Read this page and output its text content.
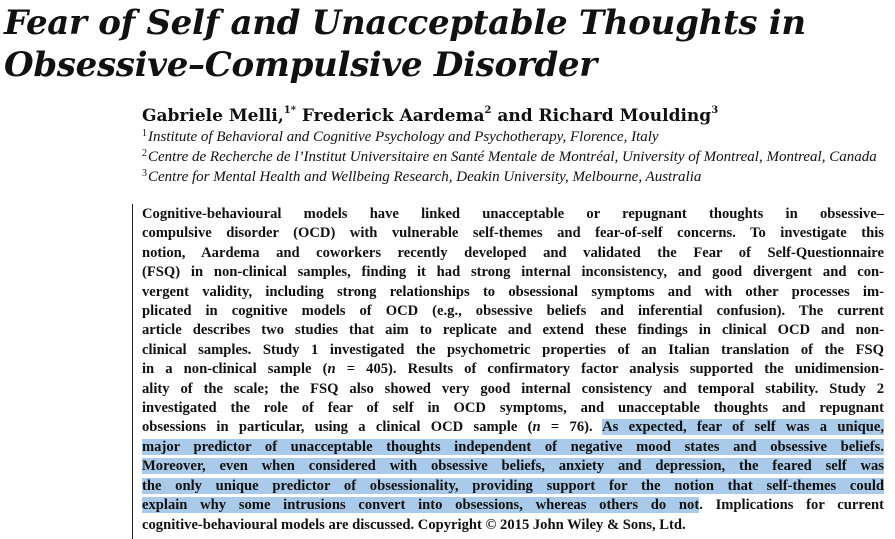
Fear of Self and Unacceptable Thoughts in
Obsessive–Compulsive Disorder
Gabriele Melli,$^{1*}$ Frederick Aardema$^2$ and Richard Moulding$^3$
$^1$Institute of Behavioral and Cognitive Psychology and Psychotherapy, Florence, Italy
$^2$Centre de Recherche de l’Institut Universitaire en Santé Mentale de Montréal, University of Montreal, Montreal, Canada
$^3$Centre for Mental Health and Wellbeing Research, Deakin University, Melbourne, Australia
Cognitive-behavioural models have linked unacceptable or repugnant thoughts in obsessive–
compulsive disorder (OCD) with vulnerable self-themes and fear-of-self concerns. To investigate this
notion, Aardema and coworkers recently developed and validated the Fear of Self-Questionnaire
(FSQ) in non-clinical samples, finding it had strong internal inconsistency, and good divergent and con-
vergent validity, including strong relationships to obsessional symptoms and with other processes im-
plicated in cognitive models of OCD (e.g., obsessive beliefs and inferential confusion). The current
article describes two studies that aim to replicate and extend these findings in clinical OCD and non-
clinical samples. Study 1 investigated the psychometric properties of an Italian translation of the FSQ
in a non-clinical sample (n = 405). Results of confirmatory factor analysis supported the unidimension-
ality of the scale; the FSQ also showed very good internal consistency and temporal stability. Study 2
investigated the role of fear of self in OCD symptoms, and unacceptable thoughts and repugnant
obsessions in particular, using a clinical OCD sample (n = 76). As expected, fear of self was a unique,
major predictor of unacceptable thoughts independent of negative mood states and obsessive beliefs.
Moreover, even when considered with obsessive beliefs, anxiety and depression, the feared self was
the only unique predictor of obsessionality, providing support for the notion that self-themes could
explain why some intrusions convert into obsessions, whereas others do not. Implications for current
cognitive-behavioural models are discussed. Copyright © 2015 John Wiley & Sons, Ltd.
